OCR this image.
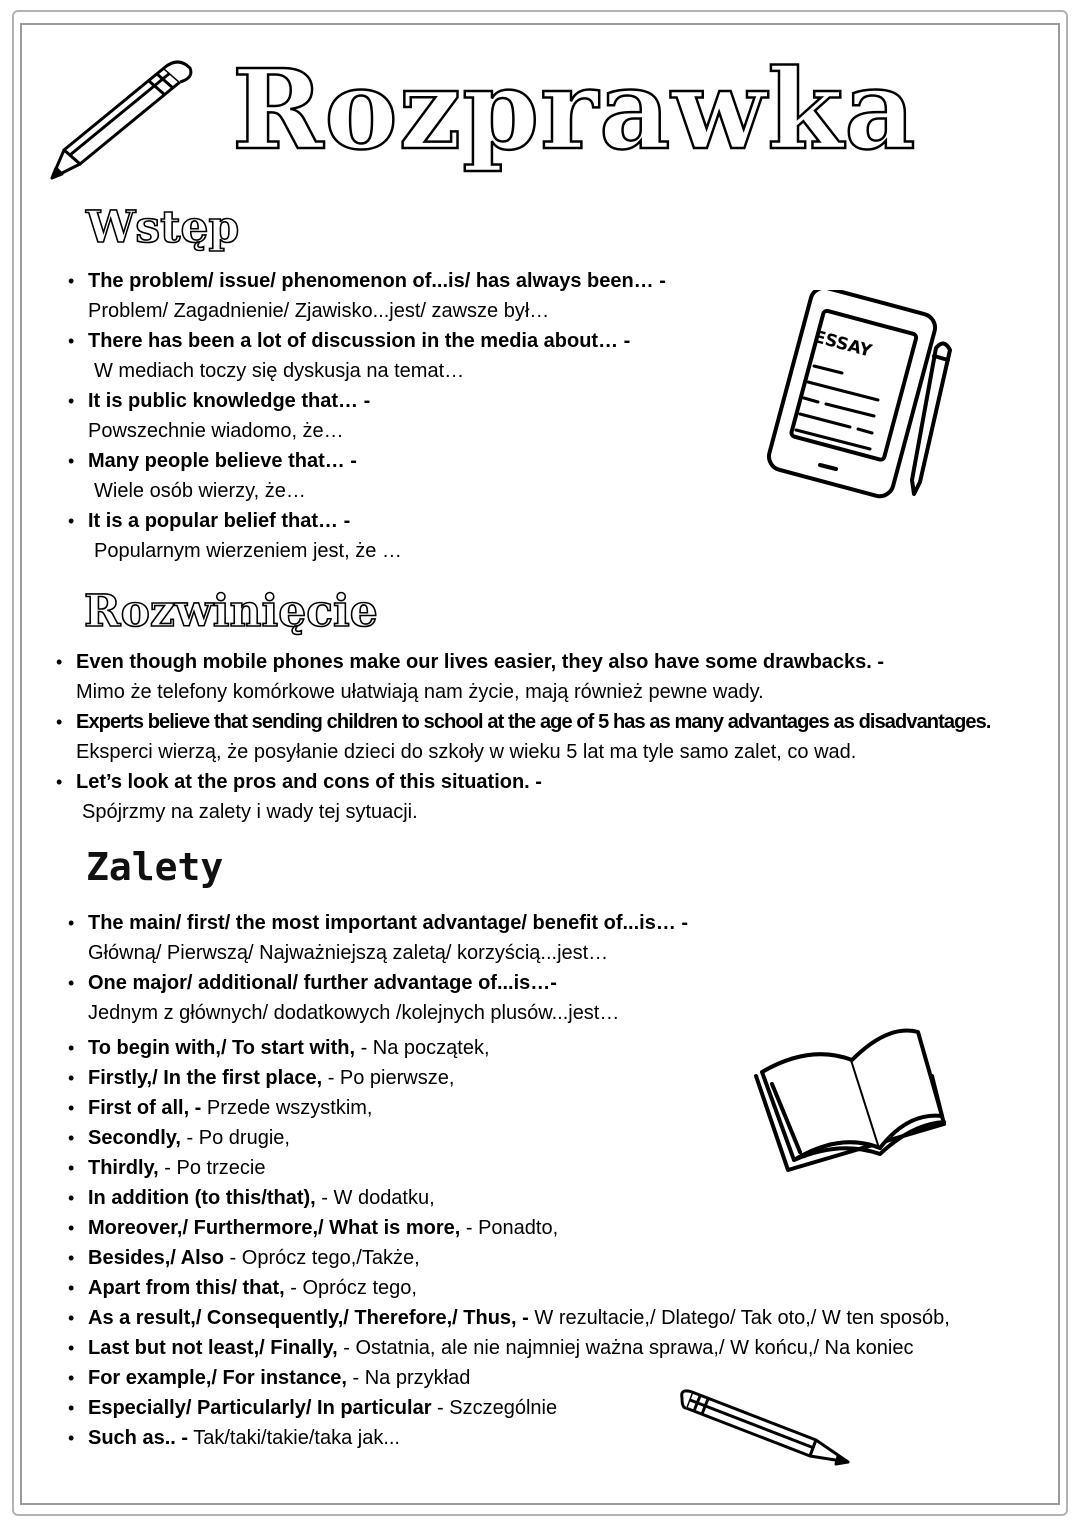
Rozprawka
Wstęp
• The problem/ issue/ phenomenon of...is/ has always been… -
Problem/ Zagadnienie/ Zjawisko...jest/ zawsze był…
• There has been a lot of discussion in the media about… -
W mediach toczy się dyskusja na temat…
• It is public knowledge that… -
Powszechnie wiadomo, że…
• Many people believe that… -
Wiele osób wierzy, że…
• It is a popular belief that… -
Popularnym wierzeniem jest, że …
ESSAY
Rozwinięcie
• Even though mobile phones make our lives easier, they also have some drawbacks. -
Mimo że telefony komórkowe ułatwiają nam życie, mają również pewne wady.
• Experts believe that sending children to school at the age of 5 has as many advantages as disadvantages.
Eksperci wierzą, że posyłanie dzieci do szkoły w wieku 5 lat ma tyle samo zalet, co wad.
• Let’s look at the pros and cons of this situation. -
Spójrzmy na zalety i wady tej sytuacji.
Zalety
• The main/ first/ the most important advantage/ benefit of...is… -
Główną/ Pierwszą/ Najważniejszą zaletą/ korzyścią...jest…
• One major/ additional/ further advantage of...is…-
Jednym z głównych/ dodatkowych /kolejnych plusów...jest…
• To begin with,/ To start with, - Na początek,
• Firstly,/ In the first place, - Po pierwsze,
• First of all, - Przede wszystkim,
• Secondly, - Po drugie,
• Thirdly, - Po trzecie
• In addition (to this/that), - W dodatku,
• Moreover,/ Furthermore,/ What is more, - Ponadto,
• Besides,/ Also - Oprócz tego,/Także,
• Apart from this/ that, - Oprócz tego,
• As a result,/ Consequently,/ Therefore,/ Thus, - W rezultacie,/ Dlatego/ Tak oto,/ W ten sposób,
• Last but not least,/ Finally, - Ostatnia, ale nie najmniej ważna sprawa,/ W końcu,/ Na koniec
• For example,/ For instance, - Na przykład
• Especially/ Particularly/ In particular - Szczególnie
• Such as.. - Tak/taki/takie/taka jak...
